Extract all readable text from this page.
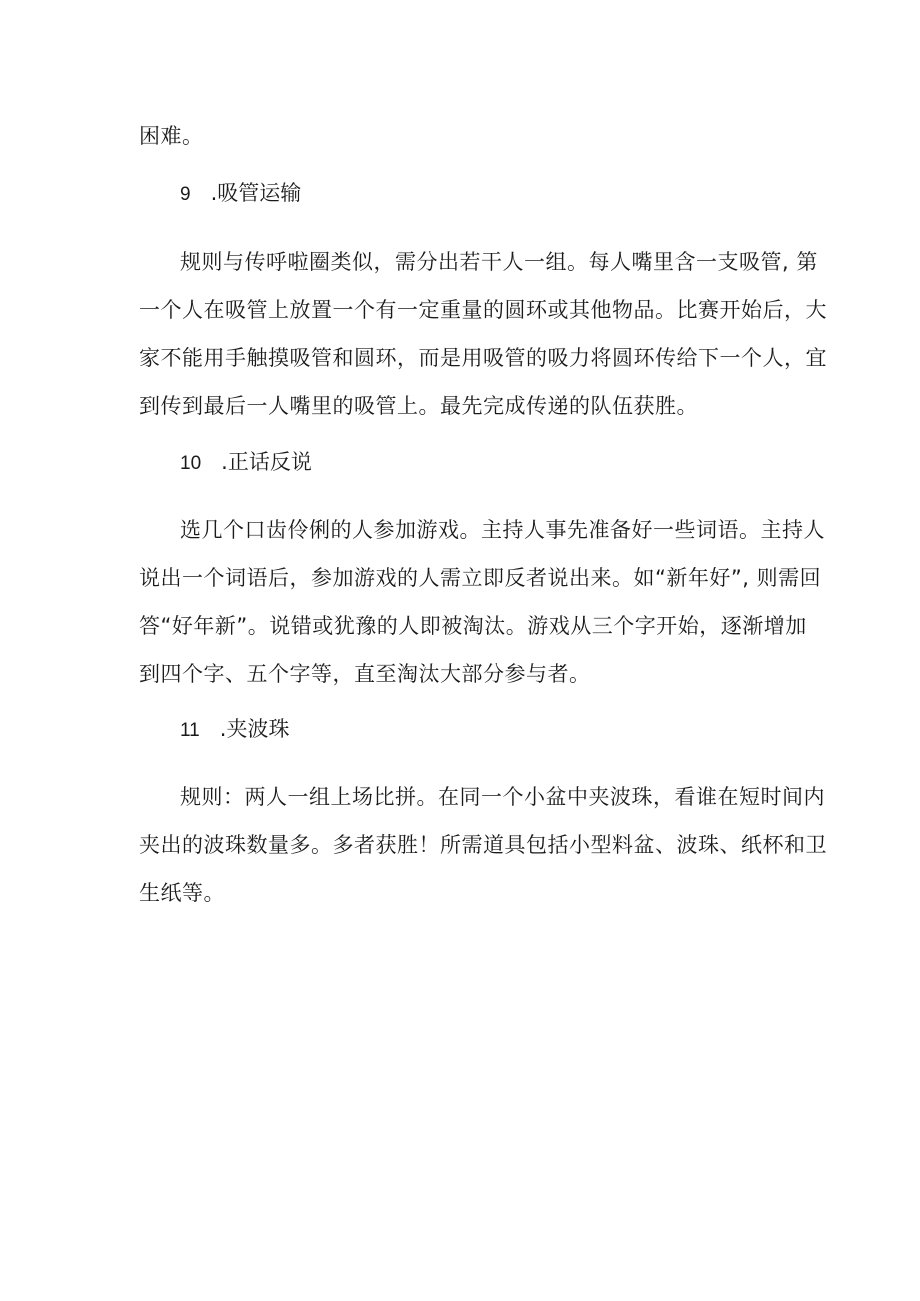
困难。
9 .吸管运输
规则与传呼啦圈类似，需分出若干人一组。每人嘴里含一支吸管, 第
一个人在吸管上放置一个有一定重量的圆环或其他物品。比赛开始后，大
家不能用手触摸吸管和圆环，而是用吸管的吸力将圆环传给下一个人，宜
到传到最后一人嘴里的吸管上。最先完成传递的队伍获胜。
10 .正话反说
选几个口齿伶俐的人参加游戏。主持人事先准备好一些词语。主持人
说出一个词语后，参加游戏的人需立即反者说出来。如“新年好”, 则需回
答“好年新”。说错或犹豫的人即被淘汰。游戏从三个字开始，逐渐增加
到四个字、五个字等，直至淘汰大部分参与者。
11 .夹波珠
规则：两人一组上场比拼。在同一个小盆中夹波珠，看谁在短时间内
夹出的波珠数量多。多者获胜！所需道具包括小型料盆、波珠、纸杯和卫
生纸等。
